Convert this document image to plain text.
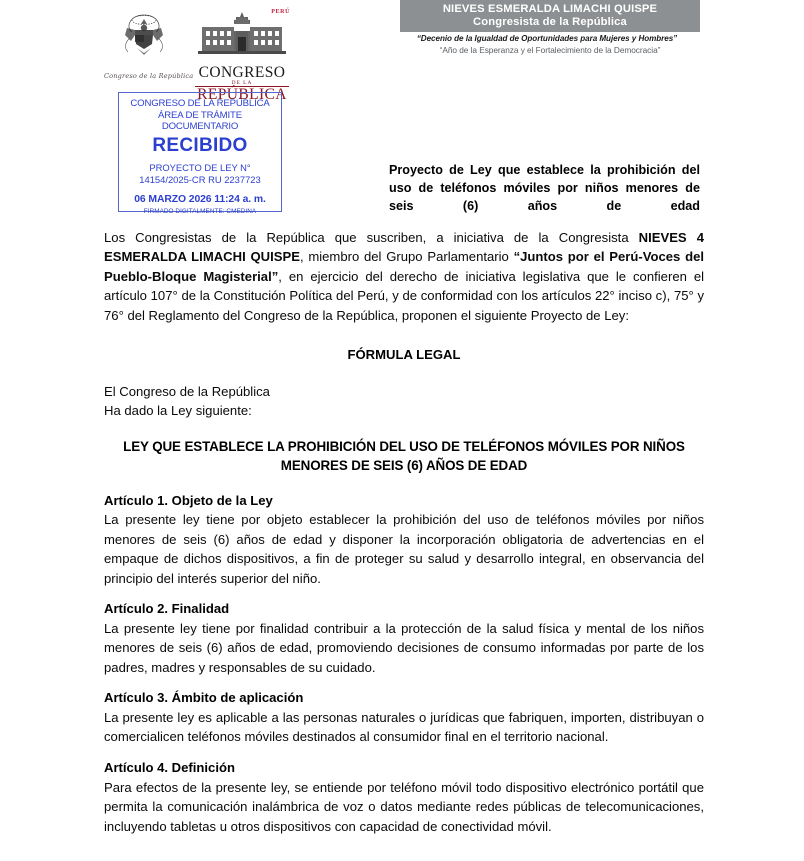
Congreso de la República
PERÚ
CONGRESO
DE LA
REPÚBLICA
NIEVES ESMERALDA LIMACHI QUISPE
Congresista de la República
“Decenio de la Igualdad de Oportunidades para Mujeres y Hombres”
“Año de la Esperanza y el Fortalecimiento de la Democracia”
CONGRESO DE LA REPÚBLICA
ÁREA DE TRÁMITE DOCUMENTARIO
RECIBIDO
PROYECTO DE LEY N°
14154/2025-CR RU 2237723
06 MARZO 2026 11:24 a. m.
FIRMADO DIGITALMENTE: CMEDINA
Proyecto de Ley que establece la prohibición del uso de teléfonos móviles por niños menores de seis (6) años de edad

Los Congresistas de la República que suscriben, a iniciativa de la Congresista NIEVES 4 ESMERALDA LIMACHI QUISPE, miembro del Grupo Parlamentario “Juntos por el Perú-Voces del Pueblo-Bloque Magisterial”, en ejercicio del derecho de iniciativa legislativa que le confieren el artículo 107° de la Constitución Política del Perú, y de conformidad con los artículos 22° inciso c), 75° y 76° del Reglamento del Congreso de la República, proponen el siguiente Proyecto de Ley:

FÓRMULA LEGAL

El Congreso de la República

Ha dado la Ley siguiente:

LEY QUE ESTABLECE LA PROHIBICIÓN DEL USO DE TELÉFONOS MÓVILES POR NIÑOS MENORES DE SEIS (6) AÑOS DE EDAD

Artículo 1. Objeto de la Ley

La presente ley tiene por objeto establecer la prohibición del uso de teléfonos móviles por niños menores de seis (6) años de edad y disponer la incorporación obligatoria de advertencias en el empaque de dichos dispositivos, a fin de proteger su salud y desarrollo integral, en observancia del principio del interés superior del niño.

Artículo 2. Finalidad

La presente ley tiene por finalidad contribuir a la protección de la salud física y mental de los niños menores de seis (6) años de edad, promoviendo decisiones de consumo informadas por parte de los padres, madres y responsables de su cuidado.

Artículo 3. Ámbito de aplicación

La presente ley es aplicable a las personas naturales o jurídicas que fabriquen, importen, distribuyan o comercialicen teléfonos móviles destinados al consumidor final en el territorio nacional.

Artículo 4. Definición

Para efectos de la presente ley, se entiende por teléfono móvil todo dispositivo electrónico portátil que permita la comunicación inalámbrica de voz o datos mediante redes públicas de telecomunicaciones, incluyendo tabletas u otros dispositivos con capacidad de conectividad móvil.
